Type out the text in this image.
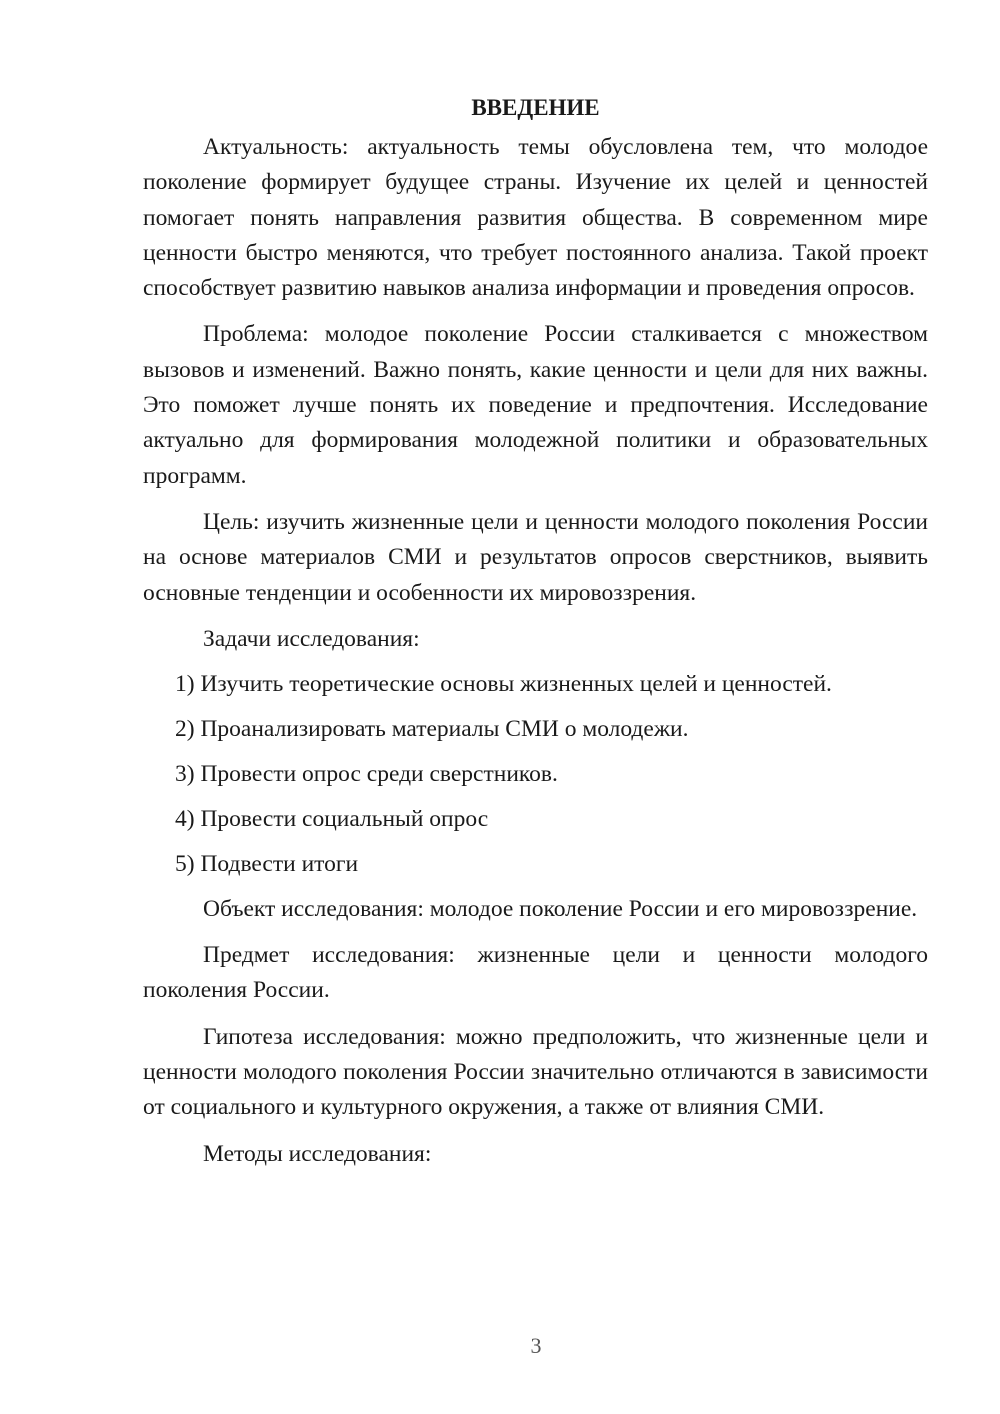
ВВЕДЕНИЕ

Актуальность: актуальность темы обусловлена тем, что молодое поколение формирует будущее страны. Изучение их целей и ценностей помогает понять направления развития общества. В современном мире ценности быстро меняются, что требует постоянного анализа. Такой проект способствует развитию навыков анализа информации и проведения опросов.

Проблема: молодое поколение России сталкивается с множеством вызовов и изменений. Важно понять, какие ценности и цели для них важны. Это поможет лучше понять их поведение и предпочтения. Исследование актуально для формирования молодежной политики и образовательных программ.

Цель: изучить жизненные цели и ценности молодого поколения России на основе материалов СМИ и результатов опросов сверстников, выявить основные тенденции и особенности их мировоззрения.

Задачи исследования:

1) Изучить теоретические основы жизненных целей и ценностей.

2) Проанализировать материалы СМИ о молодежи.

3) Провести опрос среди сверстников.

4) Провести социальный опрос

5) Подвести итоги

Объект исследования: молодое поколение России и его мировоззрение.

Предмет исследования: жизненные цели и ценности молодого поколения России.

Гипотеза исследования: можно предположить, что жизненные цели и ценности молодого поколения России значительно отличаются в зависимости от социального и культурного окружения, а также от влияния СМИ.

Методы исследования:

3
